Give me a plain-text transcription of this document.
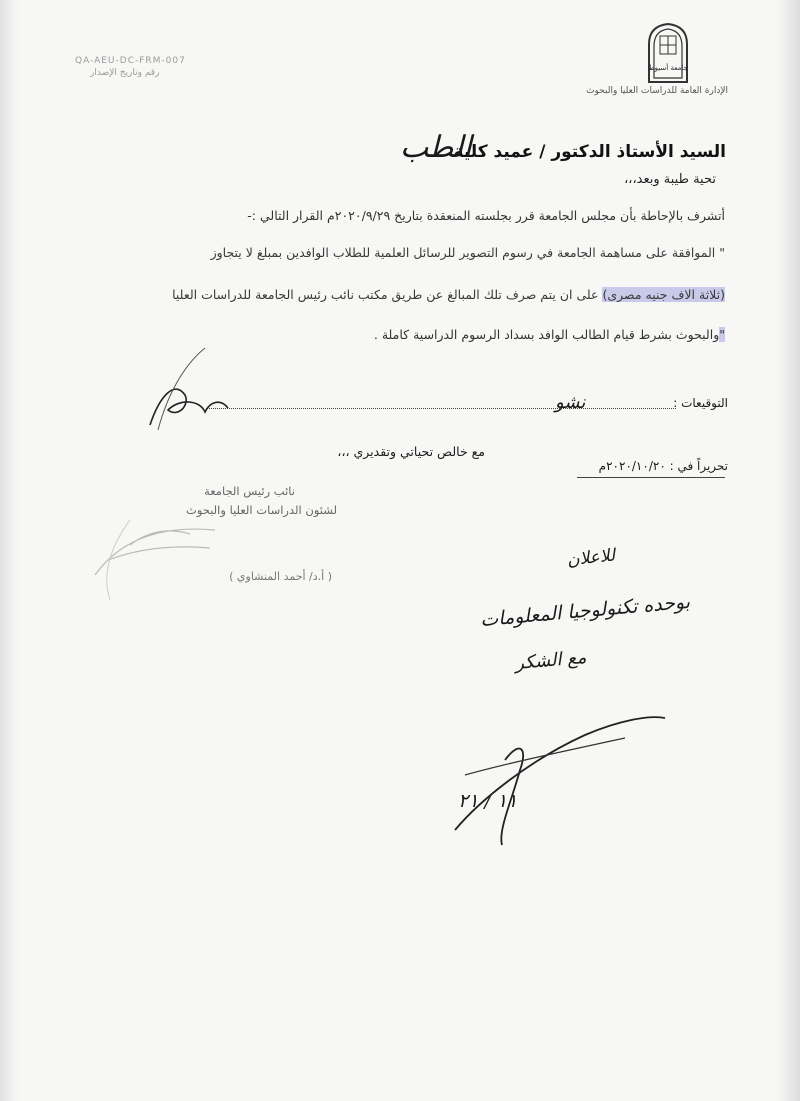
QA-AEU-DC-FRM-007
رقم وتاريخ الإصدار	جامعة أسيوط
الإدارة العامة للدراسات العليا والبحوث
السيد الأستاذ الدكتور / عميد كلية
الطب
تحية طيبة وبعد،،،
أتشرف بالإحاطة بأن مجلس الجامعة قرر بجلسته المنعقدة بتاريخ ٢٠٢٠/٩/٢٩م القرار التالي :-
" الموافقة على مساهمة الجامعة في رسوم التصوير للرسائل العلمية للطلاب الوافدين بمبلغ لا يتجاوز
(ثلاثة الاف جنيه مصرى) على ان يتم صرف تلك المبالغ عن طريق مكتب نائب رئيس الجامعة للدراسات العليا
"والبحوث بشرط قيام الطالب الوافد بسداد الرسوم الدراسية كاملة .
التوقيعات :
نشو
مع خالص تحياتي وتقديري ،،،
تحريراً في : ٢٠٢٠/١٠/٢٠م
نائب رئيس الجامعة
لشئون الدراسات العليا والبحوث
( أ.د/ أحمد المنشاوي )
للاعلان
بوحده تكنولوجيا المعلومات
مع الشكر
١١ / ٢١
